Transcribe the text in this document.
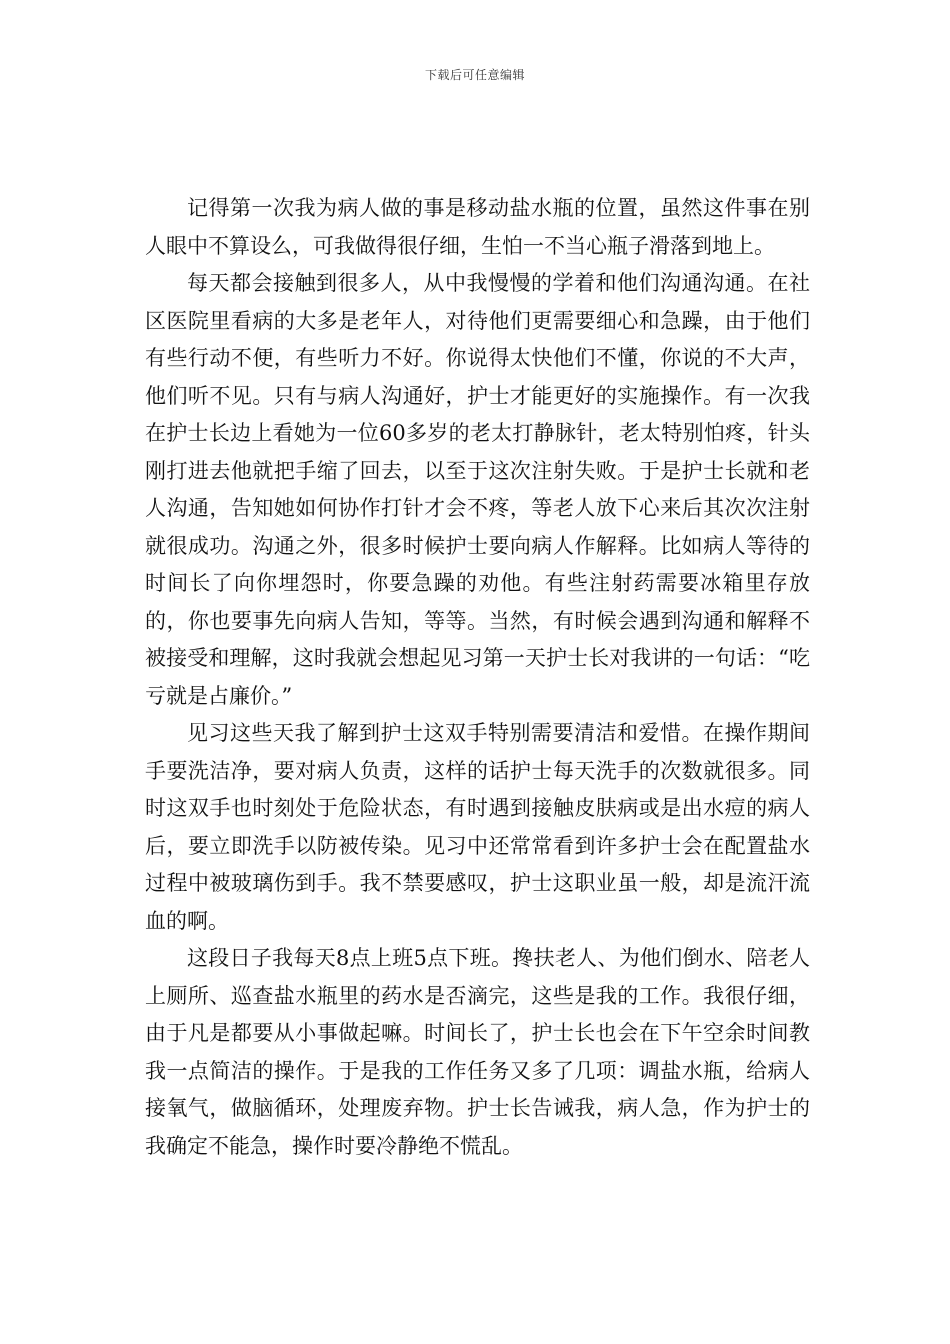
下载后可任意编辑

记得第一次我为病人做的事是移动盐水瓶的位置，虽然这件事在别人眼中不算设么，可我做得很仔细，生怕一不当心瓶子滑落到地上。

每天都会接触到很多人，从中我慢慢的学着和他们沟通沟通。在社区医院里看病的大多是老年人，对待他们更需要细心和急躁，由于他们有些行动不便，有些听力不好。你说得太快他们不懂，你说的不大声，他们听不见。只有与病人沟通好，护士才能更好的实施操作。有一次我在护士长边上看她为一位60多岁的老太打静脉针，老太特别怕疼，针头刚打进去他就把手缩了回去，以至于这次注射失败。于是护士长就和老人沟通，告知她如何协作打针才会不疼，等老人放下心来后其次次注射就很成功。沟通之外，很多时候护士要向病人作解释。比如病人等待的时间长了向你埋怨时，你要急躁的劝他。有些注射药需要冰箱里存放的，你也要事先向病人告知，等等。当然，有时候会遇到沟通和解释不被接受和理解，这时我就会想起见习第一天护士长对我讲的一句话：“吃亏就是占廉价。”

见习这些天我了解到护士这双手特别需要清洁和爱惜。在操作期间手要洗洁净，要对病人负责，这样的话护士每天洗手的次数就很多。同时这双手也时刻处于危险状态，有时遇到接触皮肤病或是出水痘的病人后，要立即洗手以防被传染。见习中还常常看到许多护士会在配置盐水过程中被玻璃伤到手。我不禁要感叹，护士这职业虽一般，却是流汗流血的啊。

这段日子我每天8点上班5点下班。搀扶老人、为他们倒水、陪老人上厕所、巡查盐水瓶里的药水是否滴完，这些是我的工作。我很仔细，由于凡是都要从小事做起嘛。时间长了，护士长也会在下午空余时间教我一点简洁的操作。于是我的工作任务又多了几项：调盐水瓶，给病人接氧气，做脑循环，处理废弃物。护士长告诫我，病人急，作为护士的我确定不能急，操作时要冷静绝不慌乱。
